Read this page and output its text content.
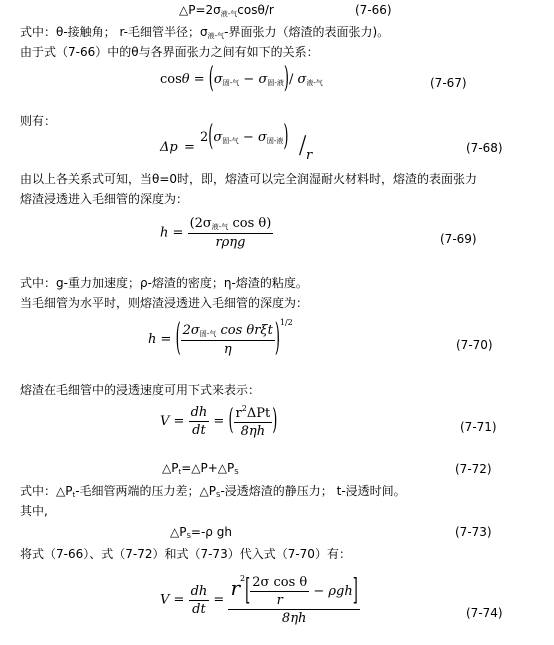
$\triangle P=2\sigma_{液-气}\cos\theta/r$	(7-66)
式中：θ-接触角； r-毛细管半径；$\sigma_{液-气}-$界面张力（熔渣的表面张力)。
由于式（7-66）中的θ与各界面张力之间有如下的关系：
$\cos\theta = (\sigma_{固-气} - \sigma_{固-液})/$ $\sigma_{液-气}$	(7-67)
则有：
Δp =
$2(\sigma_{固-气} - \sigma_{固-液}) / r$	(7-68)
由以上各关系式可知，当θ=0时，即，熔渣可以完全润湿耐火材料时，熔渣的表面张力
熔渣浸透进入毛细管的深度为：
$h = \frac{(2\sigma_{液-气} \cos \theta)}{\text{rρηg}}$	(7-69)
式中：g-重力加速度；ρ-熔渣的密度；η-熔渣的粘度。
当毛细管为水平时，则熔渣浸透进入毛细管的深度为：
h = ( $\frac{2\sigma_{固-气} \cos \theta r\xi t}{\eta} )^{1/2}$
(7-70)
熔渣在毛细管中的浸透速度可用下式来表示：
$V = \frac{dh}{dt}$ = ( $\frac{r^2\Delta Pt}{8\eta h}$ )	(7-71)
$\triangle P_t=\triangle P+\triangle P_S$	(7-72)
式中：$\triangle P_t-$毛细管两端的压力差；$\triangle P_S-$浸透熔渣的静压力； t-浸透时间。
其中,
$\triangle P_S=-\rho$ gh	(7-73)
将式（7-66）、式（7-72）和式（7-73）代入式（7-70）有：
$V = \frac{dh}{dt} = \frac{r^2[ \frac{\text{2σ cos θ}}{r} - \rho gh]}{8\eta h}$	(7-74)
